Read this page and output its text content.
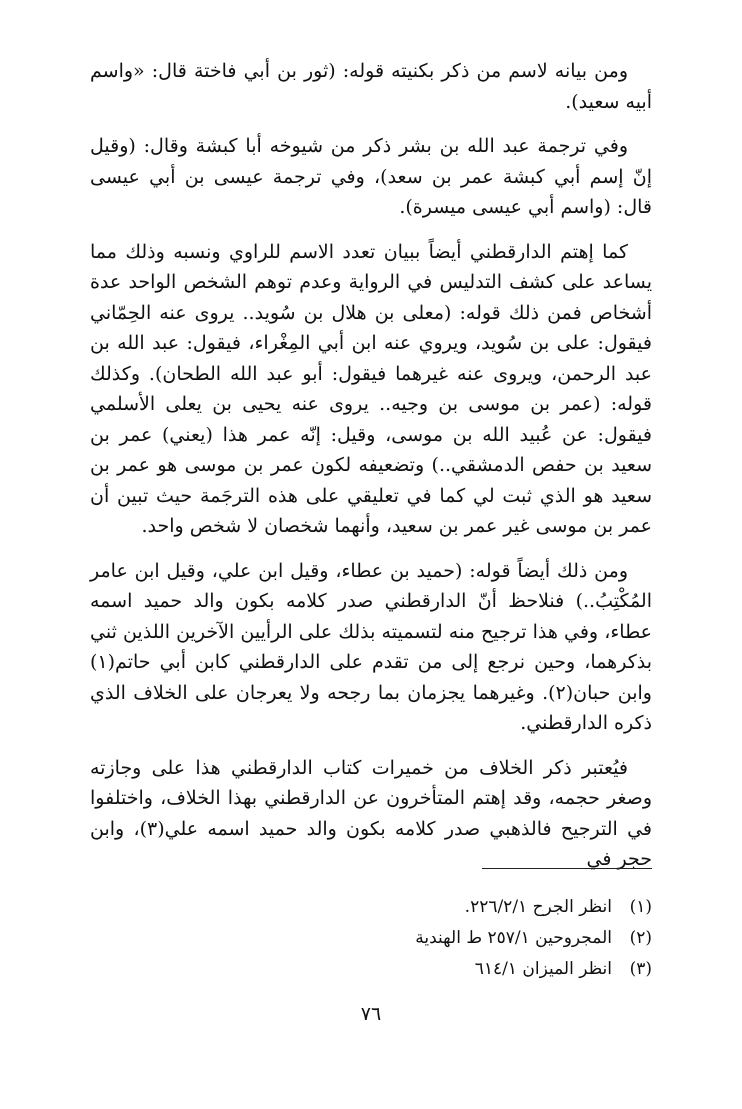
ومن بيانه لاسم من ذكر بكنيته قوله: (ثور بن أبي فاختة قال: «واسم أبيه سعيد).

وفي ترجمة عبد الله بن بشر ذكر من شيوخه أبا كبشة وقال: (وقيل إنّ إسم أبي كبشة عمر بن سعد)، وفي ترجمة عيسى بن أبي عيسى قال: (واسم أبي عيسى ميسرة).

كما إهتم الدارقطني أيضاً ببيان تعدد الاسم للراوي ونسبه وذلك مما يساعد على كشف التدليس في الرواية وعدم توهم الشخص الواحد عدة أشخاص فمن ذلك قوله: (معلى بن هلال بن سُويد.. يروى عنه الحِمّاني فيقول: على بن سُويد، ويروي عنه ابن أبي المِغْراء، فيقول: عبد الله بن عبد الرحمن، ويروى عنه غيرهما فيقول: أبو عبد الله الطحان). وكذلك قوله: (عمر بن موسى بن وجيه.. يروى عنه يحيى بن يعلى الأسلمي فيقول: عن عُبيد الله بن موسى، وقيل: إنّه عمر هذا (يعني) عمر بن سعيد بن حفص الدمشقي..) وتضعيفه لكون عمر بن موسى هو عمر بن سعيد هو الذي ثبت لي كما في تعليقي على هذه الترجَمة حيث تبين أن عمر بن موسى غير عمر بن سعيد، وأنهما شخصان لا شخص واحد.

ومن ذلك أيضاً قوله: (حميد بن عطاء، وقيل ابن علي، وقيل ابن عامر المُكْتِبُ..) فنلاحظ أنّ الدارقطني صدر كلامه بكون والد حميد اسمه عطاء، وفي هذا ترجيح منه لتسميته بذلك على الرأيين الآخرين اللذين ثني بذكرهما، وحين نرجع إلى من تقدم على الدارقطني كابن أبي حاتم(١) وابن حبان(٢). وغيرهما يجزمان بما رجحه ولا يعرجان على الخلاف الذي ذكره الدارقطني.

فيُعتبر ذكر الخلاف من خميرات كتاب الدارقطني هذا على وجازته وصغر حجمه، وقد إهتم المتأخرون عن الدارقطني بهذا الخلاف، واختلفوا في الترجيح فالذهبي صدر كلامه بكون والد حميد اسمه علي(٣)، وابن حجر في

(١)انظر الجرح ٢٢٦/٢/١.
(٢)المجروحين ٢٥٧/١ ط الهندية
(٣)انظر الميزان ٦١٤/١
٧٦
